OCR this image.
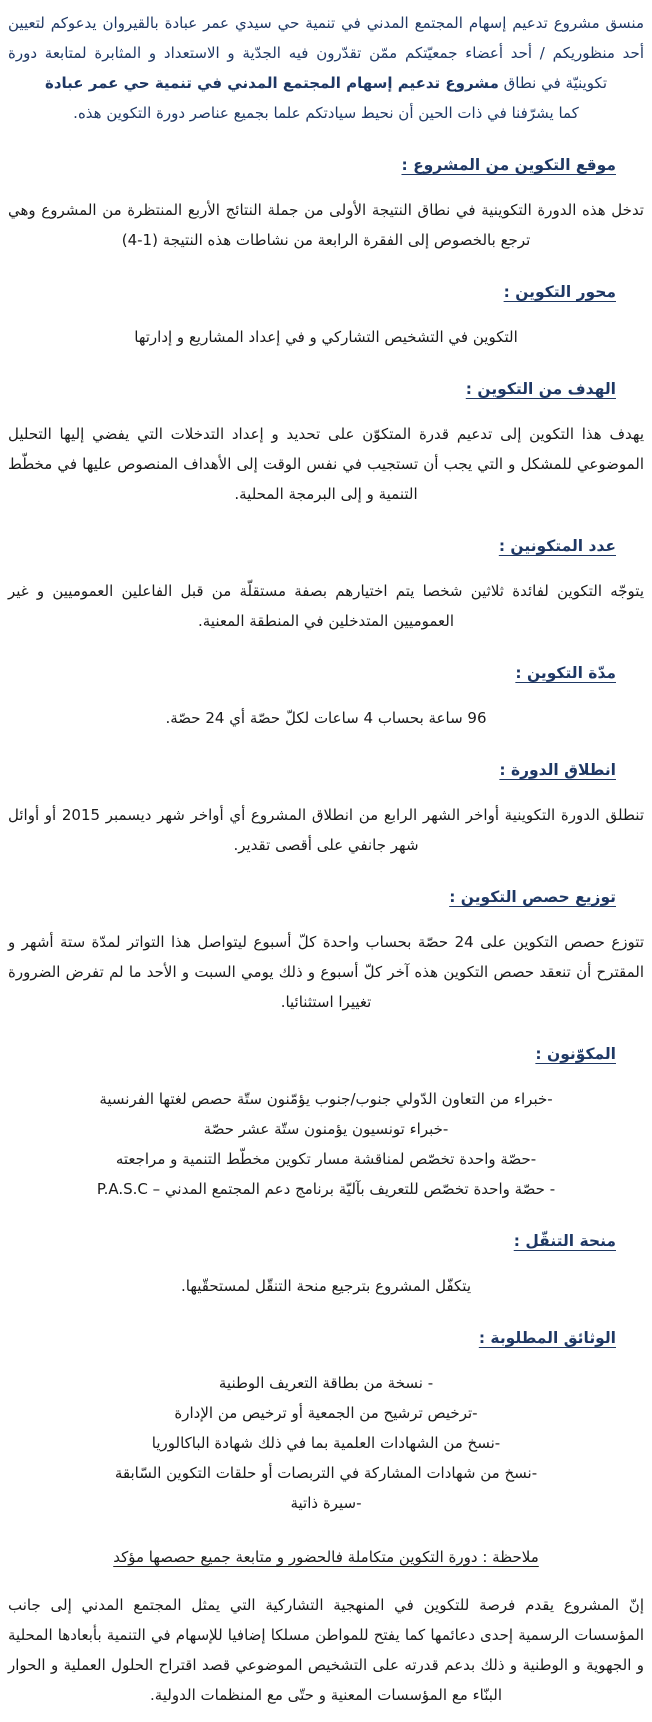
منسق مشروع تدعيم إسهام المجتمع المدني في تنمية حي سيدي عمر عبادة بالقيروان يدعوكم لتعيين أحد منظوريكم / أحد أعضاء جمعيّتكم ممّن تقدّرون فيه الجدّية و الاستعداد و المثابرة لمتابعة دورة تكوينيّة في نطاق مشروع تدعيم إسهام المجتمع المدني في تنمية حي عمر عبادة

كما يشرّفنا في ذات الحين أن نحيط سيادتكم علما بجميع عناصر دورة التكوين هذه.

موقع التكوين من المشروع :

تدخل هذه الدورة التكوينية في نطاق النتيجة الأولى من جملة النتائج الأربع المنتظرة من المشروع وهي ترجع بالخصوص إلى الفقرة الرابعة من نشاطات هذه النتيجة (1-4)

محور التكوين :

التكوين في التشخيص التشاركي و في إعداد المشاريع و إدارتها

الهدف من التكوين :

يهدف هذا التكوين إلى تدعيم قدرة المتكوّن على تحديد و إعداد التدخلات التي يفضي إليها التحليل الموضوعي للمشكل و التي يجب أن تستجيب في نفس الوقت إلى الأهداف المنصوص عليها في مخطّط التنمية و إلى البرمجة المحلية.

عدد المتكونين :

يتوجّه التكوين لفائدة ثلاثين شخصا يتم اختيارهم بصفة مستقلّة من قبل الفاعلين العموميين و غير العموميين المتدخلين في المنطقة المعنية.

مدّة التكوين :

96 ساعة بحساب 4 ساعات لكلّ حصّة أي 24 حصّة.

انطلاق الدورة :

تنطلق الدورة التكوينية أواخر الشهر الرابع من انطلاق المشروع أي أواخر شهر ديسمبر 2015 أو أوائل شهر جانفي على أقصى تقدير.

توزيع حصص التكوين :

تتوزع حصص التكوين على 24 حصّة بحساب واحدة كلّ أسبوع ليتواصل هذا التواتر لمدّة ستة أشهر و المقترح أن تنعقد حصص التكوين هذه آخر كلّ أسبوع و ذلك يومي السبت و الأحد ما لم تفرض الضرورة تغييرا استثنائيا.

المكوّنون :
-خبراء من التعاون الدّولي جنوب/جنوب يؤمّنون ستّة حصص لغتها الفرنسية
-خبراء تونسيون يؤمنون ستّة عشر حصّة
-حصّة واحدة تخصّص لمناقشة مسار تكوين مخطّط التنمية و مراجعته
- حصّة واحدة تخصّص للتعريف بآليّة برنامج دعم المجتمع المدني – P.A.S.C
منحة التنقّل :

يتكفّل المشروع بترجيع منحة التنقّل لمستحقّيها.

الوثائق المطلوبة :
- نسخة من بطاقة التعريف الوطنية
-ترخيص ترشيح من الجمعية أو ترخيص من الإدارة
-نسخ من الشهادات العلمية بما في ذلك شهادة الباكالوريا
-نسخ من شهادات المشاركة في التربصات أو حلقات التكوين السّابقة
-سيرة ذاتية

ملاحظة : دورة التكوين متكاملة فالحضور و متابعة جميع حصصها مؤكد

إنّ المشروع يقدم فرصة للتكوين في المنهجية التشاركية التي يمثل المجتمع المدني إلى جانب المؤسسات الرسمية إحدى دعائمها كما يفتح للمواطن مسلكا إضافيا للإسهام في التنمية بأبعادها المحلية و الجهوية و الوطنية و ذلك بدعم قدرته على التشخيص الموضوعي قصد اقتراح الحلول العملية و الحوار البنّاء مع المؤسسات المعنية و حتّى مع المنظمات الدولية.
